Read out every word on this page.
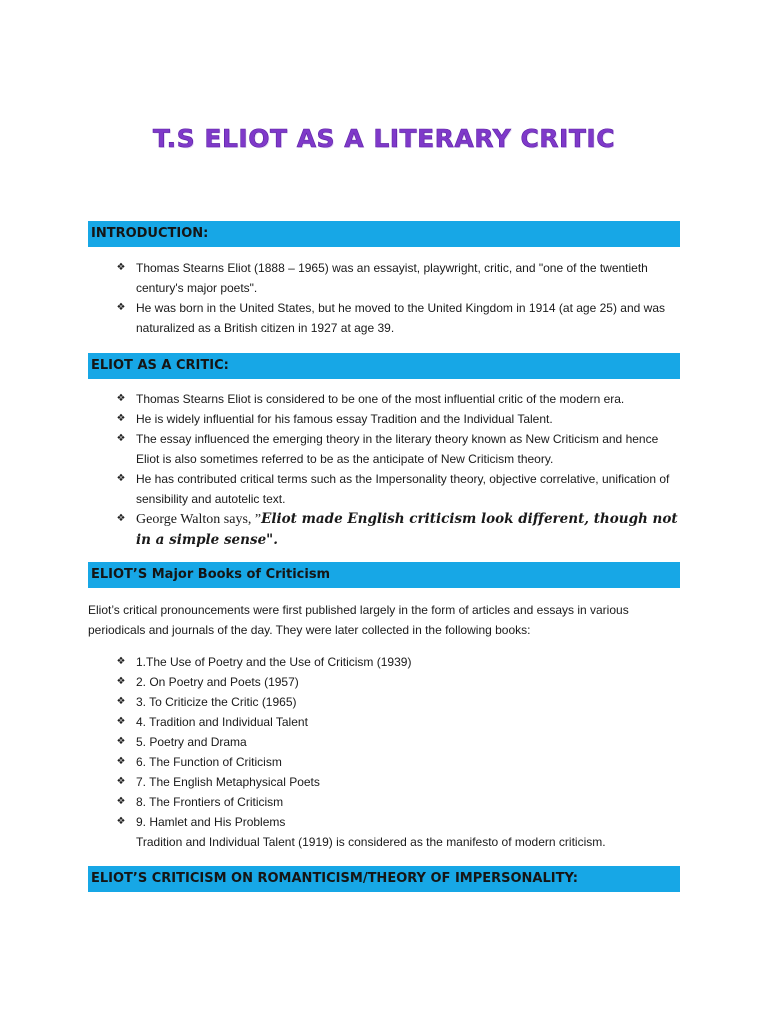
T.S ELIOT AS A LITERARY CRITIC
INTRODUCTION:
❖ Thomas Stearns Eliot (1888 – 1965) was an essayist, playwright, critic, and "one of the twentieth century's major poets".
❖ He was born in the United States, but he moved to the United Kingdom in 1914 (at age 25) and was naturalized as a British citizen in 1927 at age 39.
ELIOT AS A CRITIC:
❖ Thomas Stearns Eliot is considered to be one of the most influential critic of the modern era.
❖ He is widely influential for his famous essay Tradition and the Individual Talent.
❖ The essay influenced the emerging theory in the literary theory known as New Criticism and hence Eliot is also sometimes referred to be as the anticipate of New Criticism theory.
❖ He has contributed critical terms such as the Impersonality theory, objective correlative, unification of sensibility and autotelic text.
❖ George Walton says, ”Eliot made English criticism look different, though not in a simple sense".
ELIOT’S Major Books of Criticism

Eliot’s critical pronouncements were first published largely in the form of articles and essays in various periodicals and journals of the day. They were later collected in the following books:

❖ 1.The Use of Poetry and the Use of Criticism (1939)
❖ 2. On Poetry and Poets (1957)
❖ 3. To Criticize the Critic (1965)
❖ 4. Tradition and Individual Talent
❖ 5. Poetry and Drama
❖ 6. The Function of Criticism
❖ 7. The English Metaphysical Poets
❖ 8. The Frontiers of Criticism
❖ 9. Hamlet and His Problems

Tradition and Individual Talent (1919) is considered as the manifesto of modern criticism.

ELIOT’S CRITICISM ON ROMANTICISM/THEORY OF IMPERSONALITY:
